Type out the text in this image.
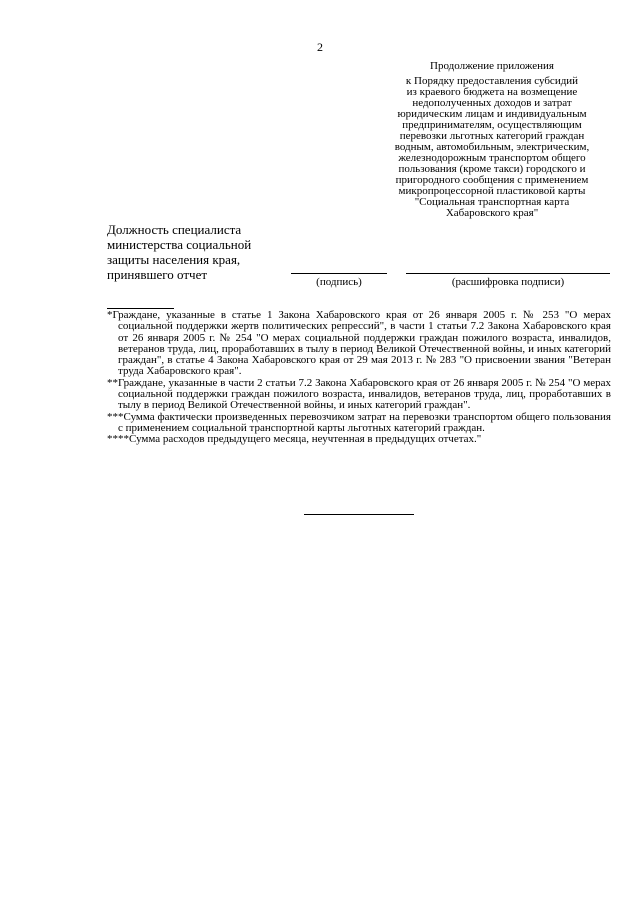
2
Продолжение приложения
к Порядку предоставления субсидий
из краевого бюджета на возмещение
недополученных доходов и затрат
юридическим лицам и индивидуальным
предпринимателям, осуществляющим
перевозки льготных категорий граждан
водным, автомобильным, электрическим,
железнодорожным транспортом общего
пользования (кроме такси) городского и
пригородного сообщения с применением
микропроцессорной пластиковой карты
"Социальная транспортная карта
Хабаровского края"
Должность специалиста
министерства социальной
защиты населения края,
принявшего отчет	(подпись)	(расшифровка подписи)

*Граждане, указанные в статье 1 Закона Хабаровского края от 26 января 2005 г. № 253 "О мерах социальной поддержки жертв политических репрессий", в части 1 статьи 7.2 Закона Хабаровского края от 26 января 2005 г. № 254 "О мерах социальной поддержки граждан пожилого возраста, инвалидов, ветеранов труда, лиц, проработавших в тылу в период Великой Отечественной войны, и иных категорий граждан", в статье 4 Закона Хабаровского края от 29 мая 2013 г. № 283 "О присвоении звания "Ветеран труда Хабаровского края".

**Граждане, указанные в части 2 статьи 7.2 Закона Хабаровского края от 26 января 2005 г. № 254 "О мерах социальной поддержки граждан пожилого возраста, инвалидов, ветеранов труда, лиц, проработавших в тылу в период Великой Отечественной войны, и иных категорий граждан".

***Сумма фактически произведенных перевозчиком затрат на перевозки транспортом общего пользования с применением социальной транспортной карты льготных категорий граждан.

****Сумма расходов предыдущего месяца, неучтенная в предыдущих отчетах."
